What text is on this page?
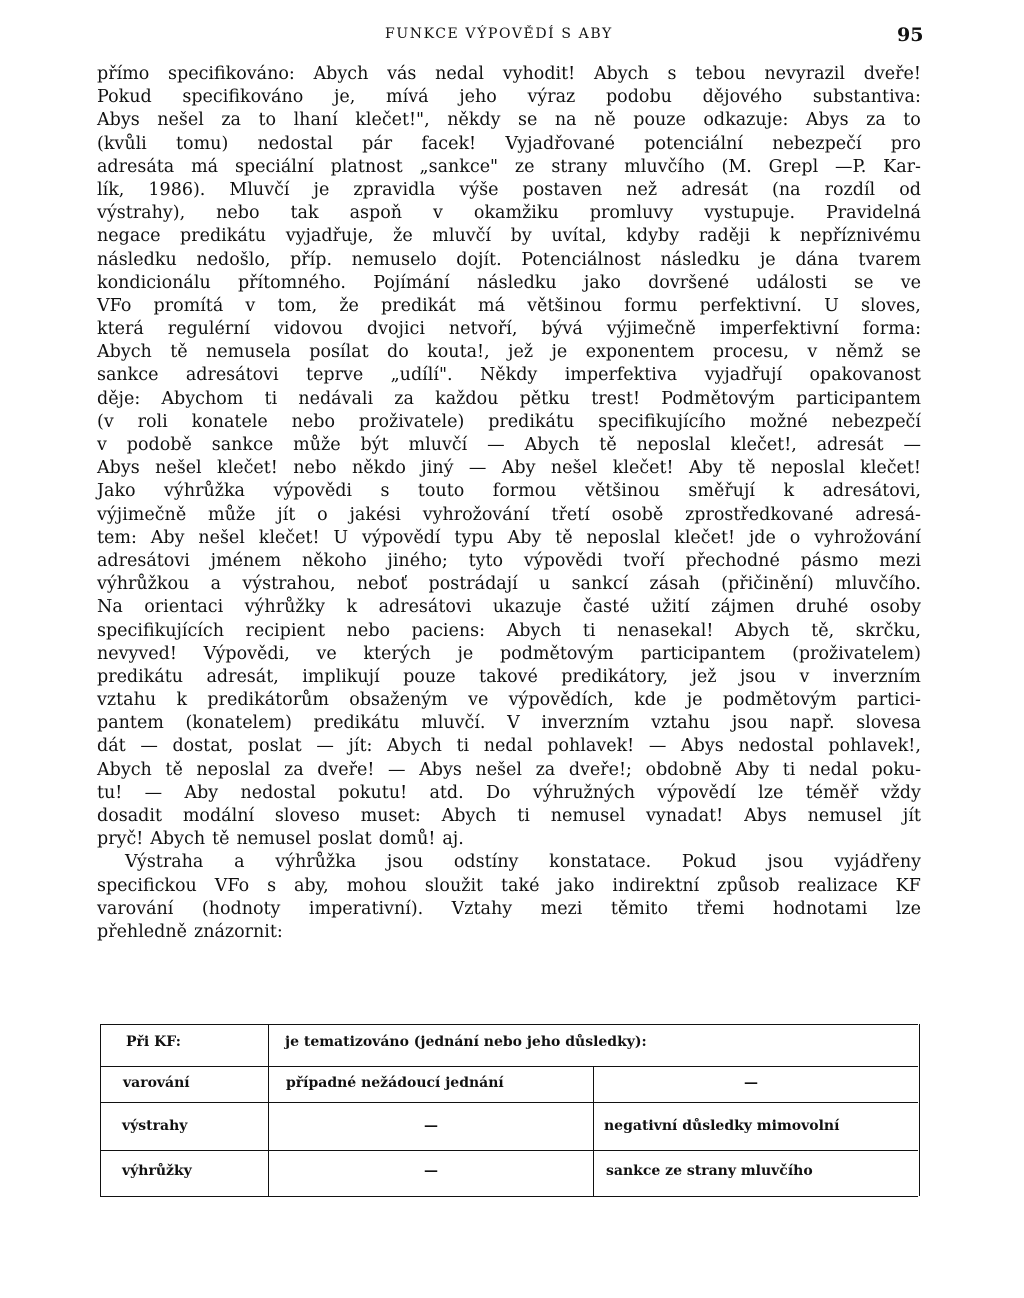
FUNKCE VÝPOVĚDÍ S ABY	95
přímo specifikováno: Abych vás nedal vyhodit! Abych s tebou nevyrazil dveře!
Pokud specifikováno je, mívá jeho výraz podobu dějového substantiva:
Abys nešel za to lhaní klečet!", někdy se na ně pouze odkazuje: Abys za to
(kvůli tomu) nedostal pár facek! Vyjadřované potenciální nebezpečí pro
adresáta má speciální platnost „sankce" ze strany mluvčího (M. Grepl —P. Kar-
lík, 1986). Mluvčí je zpravidla výše postaven než adresát (na rozdíl od
výstrahy), nebo tak aspoň v okamžiku promluvy vystupuje. Pravidelná
negace predikátu vyjadřuje, že mluvčí by uvítal, kdyby raději k nepříznivému
následku nedošlo, příp. nemuselo dojít. Potenciálnost následku je dána tvarem
kondicionálu přítomného. Pojímání následku jako dovršené události se ve
VFo promítá v tom, že predikát má většinou formu perfektivní. U sloves,
která regulérní vidovou dvojici netvoří, bývá výjimečně imperfektivní forma:
Abych tě nemusela posílat do kouta!, jež je exponentem procesu, v němž se
sankce adresátovi teprve „udílí". Někdy imperfektiva vyjadřují opakovanost
děje: Abychom ti nedávali za každou pětku trest! Podmětovým participantem
(v roli konatele nebo proživatele) predikátu specifikujícího možné nebezpečí
v podobě sankce může být mluvčí — Abych tě neposlal klečet!, adresát —
Abys nešel klečet! nebo někdo jiný — Aby nešel klečet! Aby tě neposlal klečet!
Jako výhrůžka výpovědi s touto formou většinou směřují k adresátovi,
výjimečně může jít o jakési vyhrožování třetí osobě zprostředkované adresá-
tem: Aby nešel klečet! U výpovědí typu Aby tě neposlal klečet! jde o vyhrožování
adresátovi jménem někoho jiného; tyto výpovědi tvoří přechodné pásmo mezi
výhrůžkou a výstrahou, neboť postrádají u sankcí zásah (přičinění) mluvčího.
Na orientaci výhrůžky k adresátovi ukazuje časté užití zájmen druhé osoby
specifikujících recipient nebo paciens: Abych ti nenasekal! Abych tě, skrčku,
nevyved! Výpovědi, ve kterých je podmětovým participantem (proživatelem)
predikátu adresát, implikují pouze takové predikátory, jež jsou v inverzním
vztahu k predikátorům obsaženým ve výpovědích, kde je podmětovým partici-
pantem (konatelem) predikátu mluvčí. V inverzním vztahu jsou např. slovesa
dát — dostat, poslat — jít: Abych ti nedal pohlavek! — Abys nedostal pohlavek!,
Abych tě neposlal za dveře! — Abys nešel za dveře!; obdobně Aby ti nedal poku-
tu! — Aby nedostal pokutu! atd. Do výhružných výpovědí lze téměř vždy
dosadit modální sloveso muset: Abych ti nemusel vynadat! Abys nemusel jít
pryč! Abych tě nemusel poslat domů! aj.
Výstraha a výhrůžka jsou odstíny konstatace. Pokud jsou vyjádřeny
specifickou VFo s aby, mohou sloužit také jako indirektní způsob realizace KF
varování (hodnoty imperativní). Vztahy mezi těmito třemi hodnotami lze
přehledně znázornit:
Při KF:	je tematizováno (jednání nebo jeho důsledky):
varování	případné nežádoucí jednání	—
výstrahy	—	negativní důsledky mimovolní
výhrůžky	—	sankce ze strany mluvčího
